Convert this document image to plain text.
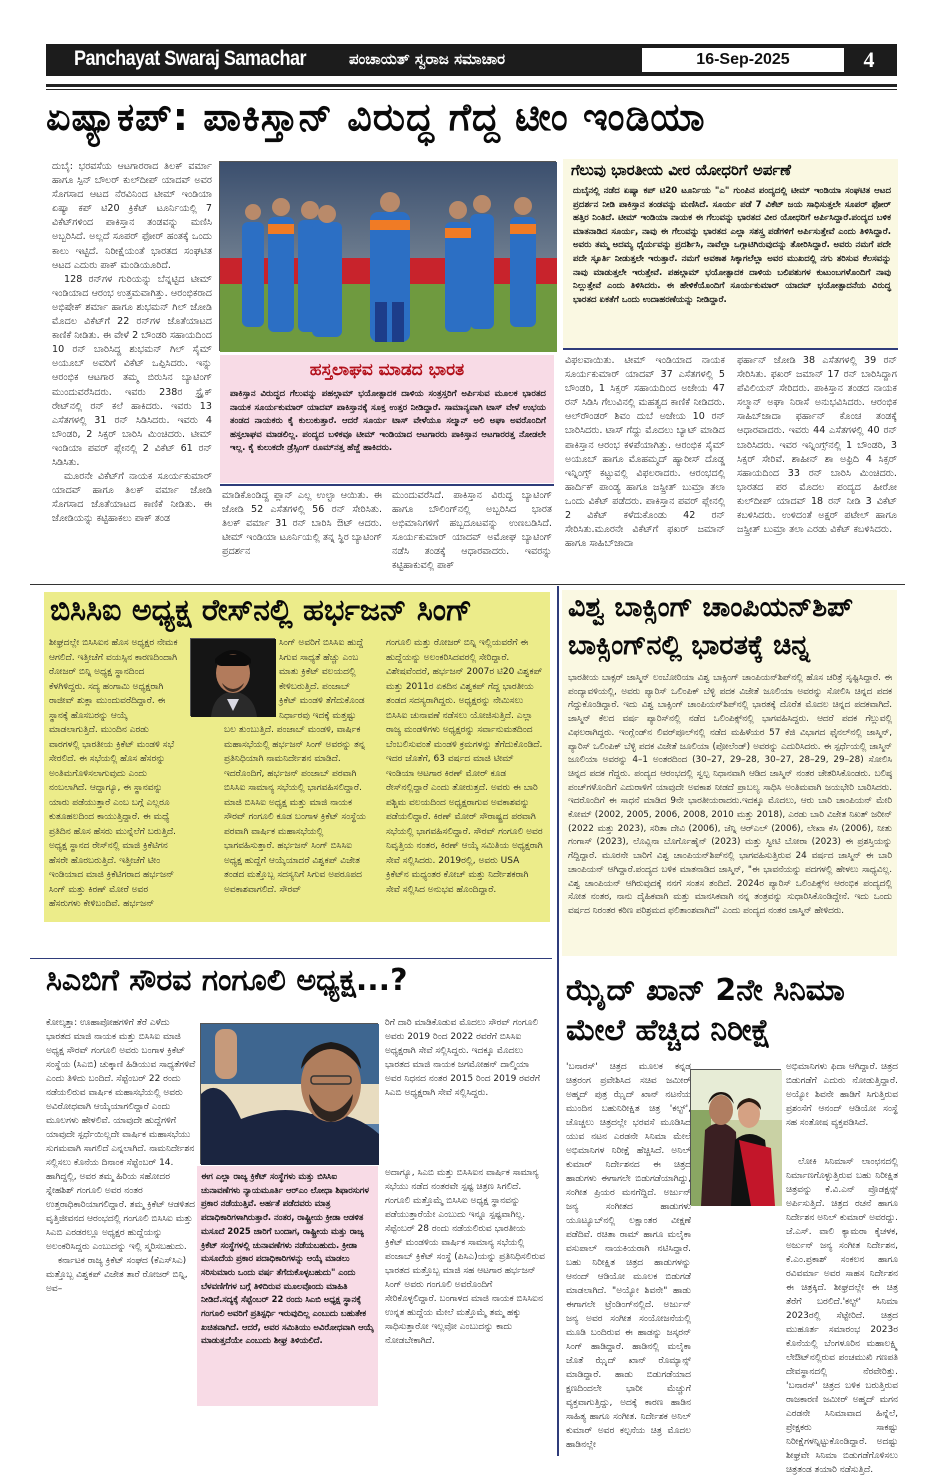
Panchayat Swaraj Samachar	ಪಂಚಾಯತ್ ಸ್ವರಾಜ ಸಮಾಚಾರ	16-Sep-2025	4
ಏಷ್ಯಾಕಪ್: ಪಾಕಿಸ್ತಾನ್ ವಿರುದ್ಧ ಗೆದ್ದ ಟೀಂ ಇಂಡಿಯಾ

ದುಬೈ: ಭರವಸೆಯ ಆಟಗಾರರಾದ ತಿಲಕ್ ವರ್ಮಾ ಹಾಗೂ ಸ್ಪಿನ್ ಬೌಲರ್ ಕುಲ್‌ದೀಪ್ ಯಾದವ್ ಅವರ ಸೊಗಸಾದ ಆಟದ ನೆರವಿನಿಂದ ಟೀಮ್ ಇಂಡಿಯಾ ಏಷ್ಯಾ ಕಪ್ ಟಿ20 ಕ್ರಿಕೆಟ್ ಟೂರ್ನಿಯಲ್ಲಿ 7 ವಿಕೆಟ್‌ಗಳಿಂದ ಪಾಕಿಸ್ತಾನ ತಂಡವನ್ನು ಮಣಿಸಿ ಅಬ್ಬರಿಸಿದೆ. ಅಲ್ಲದೆ ಸೂಪರ್ ಫೋರ್ ಹಂತಕ್ಕೆ ಒಂದು ಕಾಲು ಇಟ್ಟಿದೆ. ನಿರೀಕ್ಷೆಯಂತೆ ಭಾರತದ ಸಂಘಟಿತ ಆಟದ ಎದುರು ಪಾಕ್ ಮಂಡಿಯೂರಿದೆ.

128 ರನ್‌ಗಳ ಗುರಿಯನ್ನು ಬೆನ್ನಟ್ಟಿದ ಟೀಮ್ ಇಂಡಿಯಾದ ಆರಂಭ ಉತ್ತಮವಾಗಿತ್ತು. ಆರಂಭಿಕರಾದ ಅಭಿಷೇಕ್ ಶರ್ಮಾ ಹಾಗೂ ಶುಭಮನ್ ಗಿಲ್ ಜೋಡಿ ಮೊದಲ ವಿಕೆಟ್‌ಗೆ 22 ರನ್‌ಗಳ ಜೊತೆಯಾಟದ ಕಾಣಿಕೆ ನೀಡಿತು. ಈ ವೇಳೆ 2 ಬೌಂಡರಿ ಸಹಾಯದಿಂದ 10 ರನ್ ಬಾರಿಸಿದ್ದ ಶುಭಮನ್ ಗಿಲ್ ಸೈಮ್ ಅಯೂಬ್ ಅವರಿಗೆ ವಿಕೆಟ್ ಒಪ್ಪಿಸಿದರು. ಇನ್ನು ಆರಂಭಿಕ ಆಟಗಾರ ತಮ್ಮ ಬಿರುಸಿನ ಬ್ಯಾಟಿಂಗ್ ಮುಂದುವರೆಸಿದರು. ಇವರು 238ರ ಸ್ಟ್ರೈಕ್ ರೇಟ್‌ನಲ್ಲಿ ರನ್ ಕಲೆ ಹಾಕಿದರು. ಇವರು 13 ಎಸೆತಗಳಲ್ಲಿ 31 ರನ್ ಸಿಡಿಸಿದರು. ಇವರು 4 ಬೌಂಡರಿ, 2 ಸಿಕ್ಸರ್ ಬಾರಿಸಿ ಮಿಂಚಿದರು. ಟೀಮ್ ಇಂಡಿಯಾ ಪವರ್ ಪ್ಲೇನಲ್ಲಿ 2 ವಿಕೆಟ್ 61 ರನ್ ಸಿಡಿಸಿತು.

ಮೂರನೇ ವಿಕೆಟ್‌ಗೆ ನಾಯಕ ಸೂರ್ಯಕುಮಾರ್ ಯಾದವ್ ಹಾಗೂ ತಿಲಕ್ ವರ್ಮಾ ಜೋಡಿ ಸೊಗಸಾದ ಜೊತೆಯಾಟದ ಕಾಣಿಕೆ ನೀಡಿತು. ಈ ಜೋಡಿಯನ್ನು ಕಟ್ಟಿಹಾಕಲು ಪಾಕ್ ತಂಡ

ಗೆಲುವು ಭಾರತೀಯ ವೀರ ಯೋಧರಿಗೆ ಅರ್ಪಣೆ
ದುಬೈನಲ್ಲಿ ನಡೆದ ಏಷ್ಯಾ ಕಪ್ ಟಿ20 ಟೂರ್ನಿಯ "ಎ" ಗುಂಪಿನ ಪಂದ್ಯದಲ್ಲಿ ಟೀಮ್ ಇಂಡಿಯಾ ಸಂಘಟಿತ ಆಟದ ಪ್ರದರ್ಶನ ನೀಡಿ ಪಾಕಿಸ್ತಾನ ತಂಡವನ್ನು ಮಣಿಸಿದೆ. ಸೂರ್ಯ ಪಡೆ 7 ವಿಕೆಟ್ ಜಯ ಸಾಧಿಸುತ್ತಲೇ ಸೂಪರ್ ಫೋರ್ ಹತ್ತಿರ ನಿಂತಿದೆ. ಟೀಮ್ ಇಂಡಿಯಾ ನಾಯಕ ಈ ಗೆಲುವನ್ನು ಭಾರತದ ವೀರ ಯೋಧರಿಗೆ ಅರ್ಪಿಸಿದ್ದಾರೆ.ಪಂದ್ಯದ ಬಳಿಕ ಮಾತನಾಡಿದ ಸೂರ್ಯ, ನಾವು ಈ ಗೆಲುವನ್ನು ಭಾರತದ ಎಲ್ಲಾ ಸಶಸ್ತ್ರ ಪಡೆಗಳಿಗೆ ಅರ್ಪಿಸುತ್ತೇವೆ ಎಂದು ತಿಳಿಸಿದ್ದಾರೆ. ಅವರು ತಮ್ಮ ಅದಮ್ಯ ಧೈರ್ಯವನ್ನು ಪ್ರದರ್ಶಿಸಿ, ನಾವೆಲ್ಲಾ ಒಗ್ಗಾಟಿಗಿರುವುದನ್ನು ತೋರಿಸಿದ್ದಾರೆ. ಅವರು ನಮಗೆ ಪದೇ ಪದೇ ಸ್ಫೂರ್ತಿ ನೀಡುತ್ತಲೇ ಇರುತ್ತಾರೆ. ನಮಗೆ ಅವಕಾಶ ಸಿಕ್ಕಾಗಲೆಲ್ಲಾ ಅವರ ಮುಖದಲ್ಲಿ ನಗು ತರಿಸುವ ಕೆಲಸವನ್ನು ನಾವು ಮಾಡುತ್ತಲೇ ಇರುತ್ತೇವೆ. ಪಹಲ್ಗಾಮ್ ಭಯೋತ್ಪಾದಕ ದಾಳಿಯ ಬಲಿಪಶುಗಳ ಕುಟುಂಬಗಳೊಂದಿಗೆ ನಾವು ನಿಲ್ಲುತ್ತೇವೆ ಎಂದು ತಿಳಿಸಿದರು. ಈ ಹೇಳಿಕೆಯೊಂದಿಗೆ ಸೂರ್ಯಕುಮಾರ್ ಯಾದವ್ ಭಯೋತ್ಪಾದನೆಯ ವಿರುದ್ಧ ಭಾರತದ ಏಕತೆಗೆ ಒಂದು ಉದಾಹರಣೆಯನ್ನು ನೀಡಿದ್ದಾರೆ.
ಹಸ್ತಲಾಘವ ಮಾಡದ ಭಾರತ
ಪಾಕಿಸ್ತಾನ ವಿರುದ್ಧದ ಗೆಲುವನ್ನು ಪಹಲ್ಗಾಮ್ ಭಯೋತ್ಪಾದಕ ದಾಳಿಯ ಸಂತ್ರಸ್ತರಿಗೆ ಅರ್ಪಿಸುವ ಮೂಲಕ ಭಾರತದ ನಾಯಕ ಸೂರ್ಯಕುಮಾರ್ ಯಾದವ್ ಪಾಕಿಸ್ತಾನಕ್ಕೆ ಸೂಕ್ತ ಉತ್ತರ ನೀಡಿದ್ದಾರೆ. ಸಾಮಾನ್ಯವಾಗಿ ಟಾಸ್ ವೇಳೆ ಉಭಯ ತಂಡದ ನಾಯಕರು ಕೈ ಕುಲುಕುತ್ತಾರೆ. ಆದರೆ ಸೂರ್ಯ ಟಾಸ್ ವೇಳೆಯೂ ಸಲ್ಮಾನ್ ಅಲಿ ಅಘಾ ಅವರೊಂದಿಗೆ ಹಸ್ತಲಾಘವ ಮಾಡಲಿಲ್ಲ. ಪಂದ್ಯದ ಬಳಿಕವೂ ಟೀಮ್ ಇಂಡಿಯಾದ ಆಟಗಾರರು ಪಾಕಿಸ್ತಾನ ಆಟಗಾರರತ್ತ ನೋಡಲೇ ಇಲ್ಲ. ಕೈ ಕುಲುಕದೇ ಡ್ರೆಸ್ಸಿಂಗ್ ರೂಮ್‌ನತ್ತ ಹೆಜ್ಜೆ ಹಾಕಿದರು.
ಮಾಡಿಕೊಂಡಿದ್ದ ಪ್ಲಾನ್ ಎಲ್ಲ ಉಲ್ಟಾ ಆಯಿತು. ಈ ಜೋಡಿ 52 ಎಸೆತಗಳಲ್ಲಿ 56 ರನ್ ಸೇರಿಸಿತು. ತಿಲಕ್ ವರ್ಮಾ 31 ರನ್ ಬಾರಿಸಿ ಔಟ್ ಆದರು. ಟೀಮ್ ಇಂಡಿಯಾ ಟೂರ್ನಿಯಲ್ಲಿ ತನ್ನ ಸ್ಥಿರ ಬ್ಯಾಟಿಂಗ್ ಪ್ರದರ್ಶನ
ಮುಂದುವರೆಸಿದೆ. ಪಾಕಿಸ್ತಾನ ವಿರುದ್ಧ ಬ್ಯಾಟಿಂಗ್ ಹಾಗೂ ಬೌಲಿಂಗ್‌ನಲ್ಲಿ ಅಬ್ಬರಿಸಿದ ಭಾರತ ಅಭಿಮಾನಿಗಳಿಗೆ ಹಬ್ಬದೂಟವನ್ನು ಉಣಬಡಿಸಿದೆ. ಸೂರ್ಯಕುಮಾರ್ ಯಾದವ್ ಅಮೋಘ ಬ್ಯಾಟಿಂಗ್ ನಡೆಸಿ ತಂಡಕ್ಕೆ ಆಧಾರವಾದರು. ಇವರನ್ನು ಕಟ್ಟಿಹಾಕುವಲ್ಲಿ ಪಾಕ್
ವಿಫಲವಾಯಿತು. ಟೀಮ್ ಇಂಡಿಯಾದ ನಾಯಕ ಸೂರ್ಯಕುಮಾರ್ ಯಾದವ್ 37 ಎಸೆತಗಳಲ್ಲಿ 5 ಬೌಂಡರಿ, 1 ಸಿಕ್ಸರ್ ಸಹಾಯದಿಂದ ಅಜೇಯ 47 ರನ್ ಸಿಡಿಸಿ ಗೆಲುವಿನಲ್ಲಿ ಮಹತ್ವದ ಕಾಣಿಕೆ ನೀಡಿದರು. ಆಲ್‌ರೌಂಡರ್ ಶಿವಂ ದುಬೆ ಅಜೇಯ 10 ರನ್ ಬಾರಿಸಿದರು. ಟಾಸ್ ಗೆದ್ದು ಮೊದಲು ಬ್ಯಾಟ್ ಮಾಡಿದ ಪಾಕಿಸ್ತಾನ ಆರಂಭ ಕಳಪೆಯಾಗಿತ್ತು. ಆರಂಭಿಕ ಸೈಮ್ ಅಯೂಬ್ ಹಾಗೂ ಮೊಹಮ್ಮದ್ ಹ್ಯಾರೀಸ್ ದೊಡ್ಡ ಇನ್ನಿಂಗ್ಸ್ ಕಟ್ಟುವಲ್ಲಿ ವಿಫಲರಾದರು. ಆರಂಭದಲ್ಲಿ ಹಾರ್ದಿಕ್ ಪಾಂಡ್ಯ ಹಾಗೂ ಜಸ್ಪ್ರೀತ್ ಬುಮ್ರಾ ತಲಾ ಒಂದು ವಿಕೆಟ್ ಪಡೆದರು. ಪಾಕಿಸ್ತಾನ ಪವರ್ ಪ್ಲೇನಲ್ಲಿ 2 ವಿಕೆಟ್ ಕಳೆದುಕೊಂಡು 42 ರನ್ ಸೇರಿಸಿತು.ಮೂರನೇ ವಿಕೆಟ್‌ಗೆ ಫಖರ್ ಜಮಾನ್ ಹಾಗೂ ಸಾಹಿಬ್‌ಜಾದಾ
ಫರ್ಹಾನ್ ಜೋಡಿ 38 ಎಸೆತಗಳಲ್ಲಿ 39 ರನ್ ಸೇರಿಸಿತು. ಫಖರ್ ಜಮಾನ್ 17 ರನ್ ಬಾರಿಸಿದ್ದಾಗ ಪೆವಿಲಿಯನ್ ಸೇರಿದರು. ಪಾಕಿಸ್ತಾನ ತಂಡದ ನಾಯಕ ಸಲ್ಮಾನ್ ಅಘಾ ನಿರಾಸೆ ಅನುಭವಿಸಿದರು. ಆರಂಭಿಕ ಸಾಹಿಬ್‌ಜಾದಾ ಫರ್ಹಾನ್ ಕೊಂಚ ತಂಡಕ್ಕೆ ಆಧಾರವಾದರು. ಇವರು 44 ಎಸೆತಗಳಲ್ಲಿ 40 ರನ್ ಬಾರಿಸಿದರು. ಇವರ ಇನ್ನಿಂಗ್ಸ್‌ನಲ್ಲಿ 1 ಬೌಂಡರಿ, 3 ಸಿಕ್ಸರ್ ಸೇರಿವೆ. ಶಾಹೀನ್ ಶಾ ಅಫ್ರಿದಿ 4 ಸಿಕ್ಸರ್ ಸಹಾಯದಿಂದ 33 ರನ್ ಬಾರಿಸಿ ಮಿಂಚಿದರು. ಭಾರತದ ಪರ ಮೊದಲ ಪಂದ್ಯದ ಹೀರೋ ಕುಲ್‌ದೀಪ್ ಯಾದವ್ 18 ರನ್ ನೀಡಿ 3 ವಿಕೆಟ್ ಕಬಳಿಸಿದರು. ಉಳಿದಂತೆ ಅಕ್ಷರ್ ಪಟೇಲ್ ಹಾಗೂ ಜಸ್ಪ್ರೀತ್ ಬುಮ್ರಾ ತಲಾ ಎರಡು ವಿಕೆಟ್ ಕಬಳಿಸಿದರು.
ಬಿಸಿಸಿಐ ಅಧ್ಯಕ್ಷ ರೇಸ್‌ನಲ್ಲಿ ಹರ್ಭಜನ್ ಸಿಂಗ್
ಶೀಘ್ರದಲ್ಲೇ ಬಿಸಿಸಿಐನ ಹೊಸ ಅಧ್ಯಕ್ಷರ ನೇಮಕ ಆಗಲಿದೆ. ಇತ್ತೀಚೆಗೆ ವಯಸ್ಸಿನ ಕಾರಣದಿಂದಾಗಿ ರೋಜರ್ ಬಿನ್ನಿ ಅಧ್ಯಕ್ಷ ಸ್ಥಾನದಿಂದ ಕೆಳಗಿಳಿದ್ದರು. ಸದ್ಯ ಹಂಗಾಮಿ ಅಧ್ಯಕ್ಷರಾಗಿ ರಾಜೀವ್ ಶುಕ್ಲಾ ಮುಂದುವರೆದಿದ್ದಾರೆ. ಈ ಸ್ಥಾನಕ್ಕೆ ಹೊಸಬರನ್ನು ಆಯ್ಕೆ ಮಾಡಲಾಗುತ್ತಿದೆ. ಮುಂದಿನ ಎರಡು ವಾರಗಳಲ್ಲಿ ಭಾರತೀಯ ಕ್ರಿಕೆಟ್ ಮಂಡಳಿ ಸಭೆ ಸೇರಲಿದೆ. ಈ ಸಭೆಯಲ್ಲಿ ಹೊಸ ಹೆಸರನ್ನು ಅಂತಿಮಗೊಳಿಸಲಾಗುವುದು ಎಂದು ನಂಬಲಾಗಿದೆ. ಆದ್ದಾಗ್ಯೂ, ಈ ಸ್ಥಾನವನ್ನು ಯಾರು ಪಡೆಯುತ್ತಾರೆ ಎಂಬ ಬಗ್ಗೆ ಎಲ್ಲರೂ ಕುತೂಹಲದಿಂದ ಕಾಯುತ್ತಿದ್ದಾರೆ. ಈ ಮಧ್ಯೆ ಪ್ರತಿದಿನ ಹೊಸ ಹೆಸರು ಮುನ್ನೆಲೆಗೆ ಬರುತ್ತಿದೆ. ಅಧ್ಯಕ್ಷ ಸ್ಥಾನದ ರೇಸ್‌ನಲ್ಲಿ ಮಾಜಿ ಕ್ರಿಕೆಟಿಗನ ಹೆಸರೇ ಹೊರಬರುತ್ತಿದೆ. ಇತ್ತೀಚೆಗೆ ಟೀಂ ಇಂಡಿಯಾದ ಮಾಜಿ ಕ್ರಿಕೆಟಿಗರಾದ ಹರ್ಭಜನ್ ಸಿಂಗ್ ಮತ್ತು ಕಿರಣ್ ಮೋರೆ ಅವರ ಹೆಸರುಗಳು ಕೇಳಿಬಂದಿವೆ. ಹರ್ಭಜನ್
ಸಿಂಗ್ ಅವರಿಗೆ ಬಿಸಿಸಿಐ ಹುದ್ದೆ ಸಿಗುವ ಸಾಧ್ಯತೆ ಹೆಚ್ಚು ಎಂಬ ಮಾತು ಕ್ರಿಕೆಟ್ ವಲಯದಲ್ಲಿ ಕೇಳಿಬರುತ್ತಿದೆ. ಪಂಜಾಬ್ ಕ್ರಿಕೆಟ್ ಮಂಡಳಿ ತೆಗೆದುಕೊಂಡ ನಿರ್ಧಾರವು ಇದಕ್ಕೆ ಮತ್ತಷ್ಟು ಬಲ ತುಂಬುತ್ತಿದೆ. ಪಂಜಾಬ್ ಮಂಡಳಿ, ವಾರ್ಷಿಕ ಮಹಾಸಭೆಯಲ್ಲಿ ಹರ್ಭಜನ್ ಸಿಂಗ್ ಅವರನ್ನು ತನ್ನ ಪ್ರತಿನಿಧಿಯಾಗಿ ನಾಮನಿರ್ದೇಶನ ಮಾಡಿದೆ. ಇದರೊಂದಿಗೆ, ಹರ್ಭಜನ್ ಪಂಜಾಬ್ ಪರವಾಗಿ ಬಿಸಿಸಿಐ ಸಾಮಾನ್ಯ ಸಭೆಯಲ್ಲಿ ಭಾಗವಹಿಸಲಿದ್ದಾರೆ. ಮಾಜಿ ಬಿಸಿಸಿಐ ಅಧ್ಯಕ್ಷ ಮತ್ತು ಮಾಜಿ ನಾಯಕ ಸೌರವ್ ಗಂಗೂಲಿ ಕೂಡ ಬಂಗಾಳ ಕ್ರಿಕೆಟ್ ಸಂಸ್ಥೆಯ ಪರವಾಗಿ ವಾರ್ಷಿಕ ಮಹಾಸಭೆಯಲ್ಲಿ ಭಾಗವಹಿಸುತ್ತಾರೆ. ಹರ್ಭಜನ್ ಸಿಂಗ್ ಬಿಸಿಸಿಐ ಅಧ್ಯಕ್ಷ ಹುದ್ದೆಗೆ ಆಯ್ಕೆಯಾದರೆ ವಿಶ್ವಕಪ್ ವಿಜೇತ ತಂಡದ ಮತ್ತೊಬ್ಬ ಸದಸ್ಯನಿಗೆ ಸಿಗುವ ಅಪರೂಪದ ಅವಕಾಶವಾಗಲಿದೆ. ಸೌರವ್
ಗಂಗೂಲಿ ಮತ್ತು ರೋಜರ್ ಬಿನ್ನಿ ಇಲ್ಲಿಯವರೆಗೆ ಈ ಹುದ್ದೆಯನ್ನು ಅಲಂಕರಿಸಿದವರಲ್ಲಿ ಸೇರಿದ್ದಾರೆ. ವಿಶೇಷವೆಂದರೆ, ಹರ್ಭಜನ್ 2007ರ ಟಿ20 ವಿಶ್ವಕಪ್ ಮತ್ತು 2011ರ ಏಕದಿನ ವಿಶ್ವಕಪ್ ಗೆದ್ದ ಭಾರತೀಯ ತಂಡದ ಸದಸ್ಯರಾಗಿದ್ದರು. ಅಧ್ಯಕ್ಷರನ್ನು ನೇಮಿಸಲು ಬಿಸಿಸಿಐ ಚುನಾವಣೆ ನಡೆಸಲು ಯೋಜಿಸುತ್ತಿದೆ. ಎಲ್ಲಾ ರಾಜ್ಯ ಮಂಡಳಿಗಳು ಅಧ್ಯಕ್ಷರನ್ನು ಸರ್ವಾನುಮತದಿಂದ ಬೆಂಬಲಿಸುವಂತೆ ಮಂಡಳಿ ಕ್ರಮಗಳನ್ನು ತೆಗೆದುಕೊಂಡಿದೆ. ಇದರ ಜೊತೆಗೆ, 63 ವರ್ಷದ ಮಾಜಿ ಟೀಮ್ ಇಂಡಿಯಾ ಆಟಗಾರ ಕಿರಣ್ ಮೋರ್ ಕೂಡ ರೇಸ್‌ನಲ್ಲಿದ್ದಾರೆ ಎಂದು ತೋರುತ್ತದೆ. ಅವರು ಈ ಬಾರಿ ಪಶ್ಚಿಮ ವಲಯದಿಂದ ಅಧ್ಯಕ್ಷರಾಗುವ ಅವಕಾಶವನ್ನು ಪಡೆಯಲಿದ್ದಾರೆ. ಕಿರಣ್ ಮೋರ್ ಸೌರಾಷ್ಟ್ರದ ಪರವಾಗಿ ಸಭೆಯಲ್ಲಿ ಭಾಗವಹಿಸಲಿದ್ದಾರೆ. ಸೌರವ್ ಗಂಗೂಲಿ ಅವರ ನಿವೃತ್ತಿಯ ನಂತರ, ಕಿರಣ್ ಆಯ್ಕೆ ಸಮಿತಿಯ ಅಧ್ಯಕ್ಷರಾಗಿ ಸೇವೆ ಸಲ್ಲಿಸಿದರು. 2019ರಲ್ಲಿ, ಅವರು USA ಕ್ರಿಕೆಟ್‌ನ ಮಧ್ಯಂತರ ಕೋಚ್ ಮತ್ತು ನಿರ್ದೇಶಕರಾಗಿ ಸೇವೆ ಸಲ್ಲಿಸಿದ ಅನುಭವ ಹೊಂದಿದ್ದಾರೆ.
ವಿಶ್ವ ಬಾಕ್ಸಿಂಗ್ ಚಾಂಪಿಯನ್‌ಶಿಪ್
ಬಾಕ್ಸಿಂಗ್‌ನಲ್ಲಿ ಭಾರತಕ್ಕೆ ಚಿನ್ನ
ಭಾರತೀಯ ಬಾಕ್ಸರ್ ಜಾಸ್ಮಿನ್ ಲಂಬೋರಿಯಾ ವಿಶ್ವ ಬಾಕ್ಸಿಂಗ್ ಚಾಂಪಿಯನ್‌ಶಿಪ್‌ನಲ್ಲಿ ಹೊಸ ಚರಿತ್ರೆ ಸೃಷ್ಟಿಸಿದ್ದಾರೆ. ಈ ಪಂದ್ಯಾವಳಿಯಲ್ಲಿ, ಅವರು ಪ್ಯಾರಿಸ್ ಒಲಿಂಪಿಕ್ ಬೆಳ್ಳಿ ಪದಕ ವಿಜೇತೆ ಜೂಲಿಯಾ ಅವರನ್ನು ಸೋಲಿಸಿ ಚಿನ್ನದ ಪದಕ ಗೆದ್ದುಕೊಂಡಿದ್ದಾರೆ. ಇದು ವಿಶ್ವ ಬಾಕ್ಸಿಂಗ್ ಚಾಂಪಿಯನ್‌ಶಿಪ್‌ನಲ್ಲಿ ಭಾರತಕ್ಕೆ ದೊರೆತ ಮೊದಲ ಚಿನ್ನದ ಪದಕವಾಗಿದೆ. ಜಾಸ್ಮಿನ್ ಕೆಲದ ವರ್ಷ ಪ್ಯಾರಿಸ್‌ನಲ್ಲಿ ನಡೆದ ಒಲಿಂಪಿಕ್ಸ್‌ನಲ್ಲಿ ಭಾಗವಹಿಸಿದ್ದರು. ಆದರೆ ಪದಕ ಗೆಲ್ಲುವಲ್ಲಿ ವಿಫಲರಾಗಿದ್ದರು. ಇಂಗ್ಲೆಂಡ್‌ನ ಲಿವರ್‌ಪೂಲ್‌ನಲ್ಲಿ ನಡೆದ ಮಹಿಳೆಯರ 57 ಕೆಜಿ ವಿಭಾಗದ ಫೈನಲ್‌ನಲ್ಲಿ ಜಾಸ್ಮಿನ್, ಪ್ಯಾರಿಸ್ ಒಲಿಂಪಿಕ್ ಬೆಳ್ಳಿ ಪದಕ ವಿಜೇತೆ ಜೂಲಿಯಾ (ಪೋಲೆಂಡ್) ಅವರನ್ನು ಎದುರಿಸಿದರು. ಈ ಸ್ಪರ್ಧೆಯಲ್ಲಿ ಜಾಸ್ಮಿನ್ ಜೂಲಿಯಾ ಅವರನ್ನು 4–1 ಅಂತರದಿಂದ (30–27, 29–28, 30–27, 28–29, 29–28) ಸೋಲಿಸಿ ಚಿನ್ನದ ಪದಕ ಗೆದ್ದರು. ಪಂದ್ಯದ ಆರಂಭದಲ್ಲಿ ಸ್ವಲ್ಪ ನಿಧಾನವಾಗಿ ಆಡಿದ ಜಾಸ್ಮಿನ್ ನಂತರ ಚೇತರಿಸಿಕೊಂಡರು. ಬಲಿಷ್ಠ ಪಂಚ್‌ಗಳೊಂದಿಗೆ ಎದುರಾಳಿಗೆ ಯಾವುದೇ ಅವಕಾಶ ನೀಡದೆ ಪ್ರಾಬಲ್ಯ ಸಾಧಿಸಿ ಅಂತಿಮವಾಗಿ ಜಯಭೇರಿ ಬಾರಿಸಿದರು. ಇದರೊಂದಿಗೆ ಈ ಸಾಧನೆ ಮಾಡಿದ 9ನೇ ಭಾರತೀಯರಾದರು.ಇದಕ್ಕೂ ಮೊದಲು, ಆರು ಬಾರಿ ಚಾಂಪಿಯನ್ ಮೇರಿ ಕೋಮ್ (2002, 2005, 2006, 2008, 2010 ಮತ್ತು 2018), ಎರಡು ಬಾರಿ ವಿಜೇತ ನಿಖತ್ ಜರೀನ್ (2022 ಮತ್ತು 2023), ಸರಿತಾ ದೇವಿ (2006), ಜೆನ್ನಿ ಆರ್‌ಎಲ್ (2006), ಲೇಖಾ ಕೆಸಿ (2006), ನೀತು ಗಂಗಾಸ್ (2023), ಲೊವ್ಲಿನಾ ಬೊರ್ಗೊಹೈನ್ (2023) ಮತ್ತು ಸ್ವೀಟಿ ಬೋರಾ (2023) ಈ ಪ್ರಶಸ್ತಿಯನ್ನು ಗೆದ್ದಿದ್ದಾರೆ. ಮೂರನೇ ಬಾರಿಗೆ ವಿಶ್ವ ಚಾಂಪಿಯನ್‌ಶಿಪ್‌ನಲ್ಲಿ ಭಾಗವಹಿಸುತ್ತಿರುವ 24 ವರ್ಷದ ಜಾಸ್ಮಿನ್ ಈ ಬಾರಿ ಚಾಂಪಿಯನ್ ಆಗಿದ್ದಾರೆ.ಪಂದ್ಯದ ಬಳಿಕ ಮಾತನಾಡಿದ ಜಾಸ್ಮಿನ್, "ಈ ಭಾವನೆಯನ್ನು ಪದಗಳಲ್ಲಿ ಹೇಳಲು ಸಾಧ್ಯವಿಲ್ಲ. ವಿಶ್ವ ಚಾಂಪಿಯನ್ ಆಗಿರುವುದಕ್ಕೆ ನನಗೆ ಸಂತಸ ತಂದಿದೆ. 2024ರ ಪ್ಯಾರಿಸ್ ಒಲಿಂಪಿಕ್ಸ್‌ನ ಆರಂಭಿಕ ಪಂದ್ಯದಲ್ಲಿ ಸೋತ ನಂತರ, ನಾನು ದೈಹಿಕವಾಗಿ ಮತ್ತು ಮಾನಸಿಕವಾಗಿ ನನ್ನ ತಂತ್ರವನ್ನು ಸುಧಾರಿಸಿಕೊಂಡಿದ್ದೇನೆ. ಇದು ಒಂದು ವರ್ಷದ ನಿರಂತರ ಕಠಿಣ ಪರಿಶ್ರಮದ ಫಲಿತಾಂಶವಾಗಿದೆ" ಎಂದು ಪಂದ್ಯದ ನಂತರ ಜಾಸ್ಮಿನ್ ಹೇಳಿದರು.
ಸಿಎಬಿಗೆ ಸೌರವ ಗಂಗೂಲಿ ಅಧ್ಯಕ್ಷ...?

ಕೋಲ್ಕತ್ತಾ: ಊಹಾಪೋಹಗಳಿಗೆ ತೆರೆ ಎಳೆದು ಭಾರತದ ಮಾಜಿ ನಾಯಕ ಮತ್ತು ಬಿಸಿಸಿಐ ಮಾಜಿ ಅಧ್ಯಕ್ಷ ಸೌರವ್ ಗಂಗೂಲಿ ಅವರು ಬಂಗಾಳ ಕ್ರಿಕೆಟ್ ಸಂಸ್ಥೆಯ (ಸಿಎಬಿ) ಚುಕ್ಕಾಣಿ ಹಿಡಿಯುವ ಸಾಧ್ಯತೆಗಳಿವೆ ಎಂದು ತಿಳಿದು ಬಂದಿದೆ. ಸೆಪ್ಟೆಂಬರ್ 22 ರಂದು ನಡೆಯಲಿರುವ ವಾರ್ಷಿಕ ಮಹಾಸಭೆಯಲ್ಲಿ ಅವರು ಅವಿರೋಧವಾಗಿ ಆಯ್ಕೆಯಾಗಲಿದ್ದಾರೆ ಎಂದು ಮೂಲಗಳು ಹೇಳಲಿವೆ. ಯಾವುದೇ ಹುದ್ದೆಗಳಿಗೆ ಯಾವುದೇ ಸ್ಪರ್ಧೆಯಿಲ್ಲದೇ ವಾರ್ಷಿಕ ಮಹಾಸಭೆಯು ಸುಗಮವಾಗಿ ಸಾಗಲಿದೆ ಎನ್ನಲಾಗಿದೆ. ನಾಮನಿರ್ದೇಶನ ಸಲ್ಲಿಸಲು ಕೊನೆಯ ದಿನಾಂಕ ಸೆಪ್ಟೆಂಬರ್ 14. ಹಾಗಿದ್ದಲ್ಲಿ, ಅವರ ತಮ್ಮ ಹಿರಿಯ ಸಹೋದರ ಸ್ನೇಹಶಿಶ್ ಗಂಗೂಲಿ ಅವರ ನಂತರ ಉತ್ತರಾಧಿಕಾರಿಯಾಗಲಿದ್ದಾರೆ. ತಮ್ಮ ಕ್ರಿಕೆಟ್ ಆಡಳಿತದ ವೃತ್ತಿಜೀವನದ ಆರಂಭದಲ್ಲಿ ಗಂಗೂಲಿ ಬಿಸಿಸಿಐ ಮತ್ತು ಸಿಎಬಿ ಎರಡರಲ್ಲೂ ಅಧ್ಯಕ್ಷರ ಹುದ್ದೆಯನ್ನು ಅಲಂಕರಿಸಿದ್ದರು ಎಂಬುದನ್ನು ಇಲ್ಲಿ ಸ್ಮರಿಸಬಹುದು.

ಕರ್ನಾಟಕ ರಾಜ್ಯ ಕ್ರಿಕೆಟ್ ಸಂಘದ (ಕೆಎಸ್‌ಸಿಎ) ಮತ್ತೊಬ್ಬ ವಿಶ್ವಕಪ್ ವಿಜೇತ ತಾರೆ ರೋಜರ್ ಬಿನ್ನಿ, ಅವ–

ಈಗ ಎಲ್ಲಾ ರಾಜ್ಯ ಕ್ರಿಕೆಟ್ ಸಂಸ್ಥೆಗಳು ಮತ್ತು ಬಿಸಿಸಿಐ ಚುನಾವಣೆಗಳು ನ್ಯಾಯಮೂರ್ತಿ ಆರ್‌ಎಂ ಲೋಧಾ ಶಿಫಾರಸುಗಳ ಪ್ರಕಾರ ನಡೆಯುತ್ತಿವೆ. ಅರ್ಹತೆ ಪಡೆದವರು ಮಾತ್ರ ಪದಾಧಿಕಾರಿಗಳಾಗಿರುತ್ತಾರೆ. ನಂತರ, ರಾಷ್ಟ್ರೀಯ ಕ್ರೀಡಾ ಆಡಳಿತ ಮಸೂದೆ 2025 ಜಾರಿಗೆ ಬಂದಾಗ, ರಾಷ್ಟ್ರೀಯ ಮತ್ತು ರಾಜ್ಯ ಕ್ರಿಕೆಟ್ ಸಂಸ್ಥೆಗಳಲ್ಲಿ ಚುನಾವಣೆಗಳು ನಡೆಯಬಹುದು. ಕ್ರೀಡಾ ಮಸೂದೆಯ ಪ್ರಕಾರ ಪದಾಧಿಕಾರಿಗಳನ್ನು ಆಯ್ಕೆ ಮಾಡಲು ಸರಿಸುಮಾರು ಒಂದು ವರ್ಷ ತೆಗೆದುಕೊಳ್ಳಬಹುದು" ಎಂದು ಬೆಳವಣಿಗೆಗಳ ಬಗ್ಗೆ ತಿಳಿದಿರುವ ಮೂಲವೊಂದು ಮಾಹಿತಿ ನೀಡಿದೆ.ಸದ್ಯಕ್ಕೆ ಸೆಪ್ಟೆಂಬರ್ 22 ರಂದು ಸಿಎಬಿ ಅಧ್ಯಕ್ಷ ಸ್ಥಾನಕ್ಕೆ ಗಂಗೂಲಿ ಅವರಿಗೆ ಪ್ರತಿಸ್ಪರ್ಧಿ ಇರುವುದಿಲ್ಲ ಎಂಬುದು ಬಹುತೇಕ ಖಚಿತವಾಗಿದೆ. ಆದರೆ, ಅವರ ಸಮಿತಿಯು ಅವಿರೋಧವಾಗಿ ಆಯ್ಕೆ ಮಾಡುತ್ತದೆಯೇ ಎಂಬುದು ಶೀಘ್ರ ತಿಳಿಯಲಿದೆ.
ರಿಗೆ ದಾರಿ ಮಾಡಿಕೊಡುವ ಮೊದಲು ಸೌರವ್ ಗಂಗೂಲಿ ಅವರು 2019 ರಿಂದ 2022 ರವರೆಗೆ ಬಿಸಿಸಿಐ ಅಧ್ಯಕ್ಷರಾಗಿ ಸೇವೆ ಸಲ್ಲಿಸಿದ್ದರು. ಇದಕ್ಕೂ ಮೊದಲು ಭಾರತದ ಮಾಜಿ ನಾಯಕ ಜಗಮೋಹನ್ ದಾಲ್ಮಿಯಾ ಅವರ ನಿಧನದ ನಂತರ 2015 ರಿಂದ 2019 ರವರೆಗೆ ಸಿಎಬಿ ಅಧ್ಯಕ್ಷರಾಗಿ ಸೇವೆ ಸಲ್ಲಿಸಿದ್ದರು.
ಅದಾಗ್ಯೂ, ಸಿಎಬಿ ಮತ್ತು ಬಿಸಿಸಿಐನ ವಾರ್ಷಿಕ ಸಾಮಾನ್ಯ ಸಭೆಯು ನಡೆದ ನಂತರವೇ ಸ್ಪಷ್ಟ ಚಿತ್ರಣ ಸಿಗಲಿದೆ. ಗಂಗೂಲಿ ಮತ್ತೊಮ್ಮೆ ಬಿಸಿಸಿಐ ಅಧ್ಯಕ್ಷ ಸ್ಥಾನವನ್ನು ಪಡೆಯುತ್ತಾರೆಯೇ ಎಂಬುದು ಇನ್ನೂ ಸ್ಪಷ್ಟವಾಗಿಲ್ಲ. ಸೆಪ್ಟೆಂಬರ್ 28 ರಂದು ನಡೆಯಲಿರುವ ಭಾರತೀಯ ಕ್ರಿಕೆಟ್ ಮಂಡಳಿಯ ವಾರ್ಷಿಕ ಸಾಮಾನ್ಯ ಸಭೆಯಲ್ಲಿ ಪಂಜಾಬ್ ಕ್ರಿಕೆಟ್ ಸಂಸ್ಥೆ (ಪಿಸಿಎ)ಯನ್ನು ಪ್ರತಿನಿಧಿಸಲಿರುವ ಭಾರತದ ಮತ್ತೊಬ್ಬ ಮಾಜಿ ಸಹ ಆಟಗಾರ ಹರ್ಭಜನ್ ಸಿಂಗ್ ಅವರು ಗಂಗೂಲಿ ಅವರೊಂದಿಗೆ ಸೇರಿಕೊಳ್ಳಲಿದ್ದಾರೆ. ಬಂಗಾಳದ ಮಾಜಿ ನಾಯಕ ಬಿಸಿಸಿಐನ ಉನ್ನತ ಹುದ್ದೆಯ ಮೇಲೆ ಮತ್ತೊಮ್ಮೆ ತಮ್ಮ ಹಕ್ಕು ಸಾಧಿಸುತ್ತಾರೋ ಇಲ್ಲವೋ ಎಂಬುದನ್ನು ಕಾದು ನೋಡಬೇಕಾಗಿದೆ.
ಝೈದ್ ಖಾನ್ 2ನೇ ಸಿನಿಮಾ
ಮೇಲೆ ಹೆಚ್ಚಿದ ನಿರೀಕ್ಷೆ
'ಬನಾರಸ್' ಚಿತ್ರದ ಮೂಲಕ ಕನ್ನಡ ಚಿತ್ರರಂಗ ಪ್ರವೇಶಿಸಿದ ಸಚಿವ ಜಮೀರ್ ಅಹ್ಮದ್ ಪುತ್ರ ಝೈದ್ ಖಾನ್ ನಟನೆಯ ಮುಂದಿನ ಬಹುನಿರೀಕ್ಷಿತ ಚಿತ್ರ 'ಕಲ್ಟ್', ಚೊಚ್ಚಲು ಚಿತ್ರದಲ್ಲೇ ಭರವಸೆ ಮೂಡಿಸಿದ ಯುವ ನಟನ ಎರಡನೇ ಸಿನಿಮಾ ಮೇಲೆ ಅಭಿಮಾನಿಗಳ ನಿರೀಕ್ಷೆ ಹೆಚ್ಚಿಸಿದೆ. ಅನಿಲ್ ಕುಮಾರ್ ನಿರ್ದೇಶನದ ಈ ಚಿತ್ರದ ಹಾಡುಗಳು ಈಗಾಗಲೇ ಬಿಡುಗಡೆಯಾಗಿದ್ದು, ಸಂಗೀತ ಪ್ರಿಯರ ಮನಗೆದ್ದಿದೆ. ಅರ್ಜುನ್ ಜನ್ಯ ಸಂಗೀತದ ಹಾಡುಗಳು ಯೂಟ್ಯೂಬ್‌ನಲ್ಲಿ ಲಕ್ಷಾಂತರ ವೀಕ್ಷಣೆ ಪಡೆದಿವೆ. ರಚಿತಾ ರಾಮ್ ಹಾಗೂ ಮಲೈಕಾ ವಸುಪಾಲ್ ನಾಯಕಿಯರಾಗಿ ನಟಿಸಿದ್ದಾರೆ. ಬಹು ನಿರೀಕ್ಷಿತ ಚಿತ್ರದ ಹಾಡುಗಳನ್ನು ಆನಂದ್ ಆಡಿಯೋ ಮೂಲಕ ಬಿಡುಗಡೆ ಮಾಡಲಾಗಿದೆ. "ಅಯ್ಯೋ ಶಿವನೇ" ಹಾಡು ಈಗಾಗಲೇ ಟ್ರೆಂಡಿಂಗ್‌ನಲ್ಲಿದೆ. ಅರ್ಜುನ್ ಜನ್ಯ ಅವರ ಸಂಗೀತ ಸಂಯೋಜನೆಯಲ್ಲಿ ಮೂಡಿ ಬಂದಿರುವ ಈ ಹಾಡನ್ನು ಜಸ್ಕರನ್ ಸಿಂಗ್ ಹಾಡಿದ್ದಾರೆ. ಹಾಡಿನಲ್ಲಿ ಮಲೈಕಾ ಜೊತೆ ಝೈದ್ ಖಾನ್ ರೊಮ್ಯಾನ್ಸ್ ಮಾಡಿದ್ದಾರೆ. ಹಾಡು ಬಿಡುಗಡೆಯಾದ ಕ್ಷಣದಿಂದಲೇ ಭಾರೀ ಮೆಚ್ಚುಗೆ ವ್ಯಕ್ತವಾಗುತ್ತಿದ್ದು, ಅದಕ್ಕೆ ಕಾರಣ ಹಾಡಿನ ಸಾಹಿತ್ಯ ಹಾಗೂ ಸಂಗೀತ. ನಿರ್ದೇಶಕ ಅನಿಲ್ ಕುಮಾರ್ ಅವರ ಕಲ್ಪನೆಯ ಚಿತ್ರ ಮೊದಲ ಹಾಡಿನಲ್ಲೇ
ಅಭಿಮಾನಿಗಳು ಫಿದಾ ಆಗಿದ್ದಾರೆ. ಚಿತ್ರದ ಬಿಡುಗಡೆಗೆ ಎದುರು ನೋಡುತ್ತಿದ್ದಾರೆ. ಅಯ್ಯೋ ಶಿವನೇ ಹಾಡಿಗೆ ಸಿಗುತ್ತಿರುವ ಪ್ರಶಂಸೆಗೆ ಆನಂದ್ ಆಡಿಯೋ ಸಂಸ್ಥೆ ಸಹ ಸಂತೋಷ ವ್ಯಕ್ತಪಡಿಸಿದೆ.

ಲೋಕಿ ಸಿನಿಮಾಸ್ ಲಾಂಛನದಲ್ಲಿ ನಿರ್ಮಾಣಗೊಳ್ಳುತ್ತಿರುವ ಬಹು ನಿರೀಕ್ಷಿತ ಚಿತ್ರವನ್ನು ಕೆ.ವಿ.ಎನ್ ಪ್ರೊಡಕ್ಷನ್ಸ್ ಅರ್ಪಿಸುತ್ತಿದೆ. ಚಿತ್ರದ ರಚನೆ ಹಾಗೂ ನಿರ್ದೇಶನ ಅನಿಲ್ ಕುಮಾರ್ ಅವರದ್ದು. ಜೆ.ಎಸ್. ವಾಲಿ ಕ್ಯಾಮರಾ ಕೈಚಳಕ, ಅರ್ಜುನ್ ಜನ್ಯ ಸಂಗೀತ ನಿರ್ದೇಶನ, ಕೆ.ಎಂ.ಪ್ರಕಾಶ್ ಸಂಕಲನ ಹಾಗೂ ರವಿವರ್ಮಾ ಅವರ ಸಾಹಸ ನಿರ್ದೇಶನ ಈ ಚಿತ್ರಕ್ಕಿದೆ. ಶೀಘ್ರದಲ್ಲೇ ಈ ಚಿತ್ರ ತೆರೆಗೆ ಬರಲಿದೆ.'ಕಲ್ಟ್' ಸಿನಿಮಾ 2023ರಲ್ಲಿ ಸೆಟ್ಟೇರಿದೆ. ಚಿತ್ರದ ಮುಹೂರ್ತ ಸಮಾರಂಭ 2023ರ ಕೊನೆಯಲ್ಲಿ ಬೆಂಗಳೂರಿನ ಮಹಾಲಕ್ಷ್ಮಿ ಲೇಔಟ್‌ನಲ್ಲಿರುವ ಪಂಚಮುಖಿ ಗಣಪತಿ ದೇವಸ್ಥಾನದಲ್ಲಿ ನೆರವೇರಿತ್ತು. 'ಬನಾರಸ್' ಚಿತ್ರದ ಬಳಿಕ ಬರುತ್ತಿರುವ ರಾಜಕಾರಣಿ ಜಮೀರ್ ಅಹ್ಮದ್ ಮಗನ ಎರಡನೇ ಸಿನಿಮಾವಾದ ಹಿನ್ನೆಲೆ, ಪ್ರೇಕ್ಷಕರು ಸಾಕಷ್ಟು ನಿರೀಕ್ಷೆಗಳನ್ನಿಟ್ಟುಕೊಂಡಿದ್ದಾರೆ. ಅದಷ್ಟು ಶೀಘ್ರವೇ ಸಿನಿಮಾ ಬಿಡುಗಡೆಗೊಳಿಸಲು ಚಿತ್ರತಂಡ ತಯಾರಿ ನಡೆಸುತ್ತಿದೆ.
